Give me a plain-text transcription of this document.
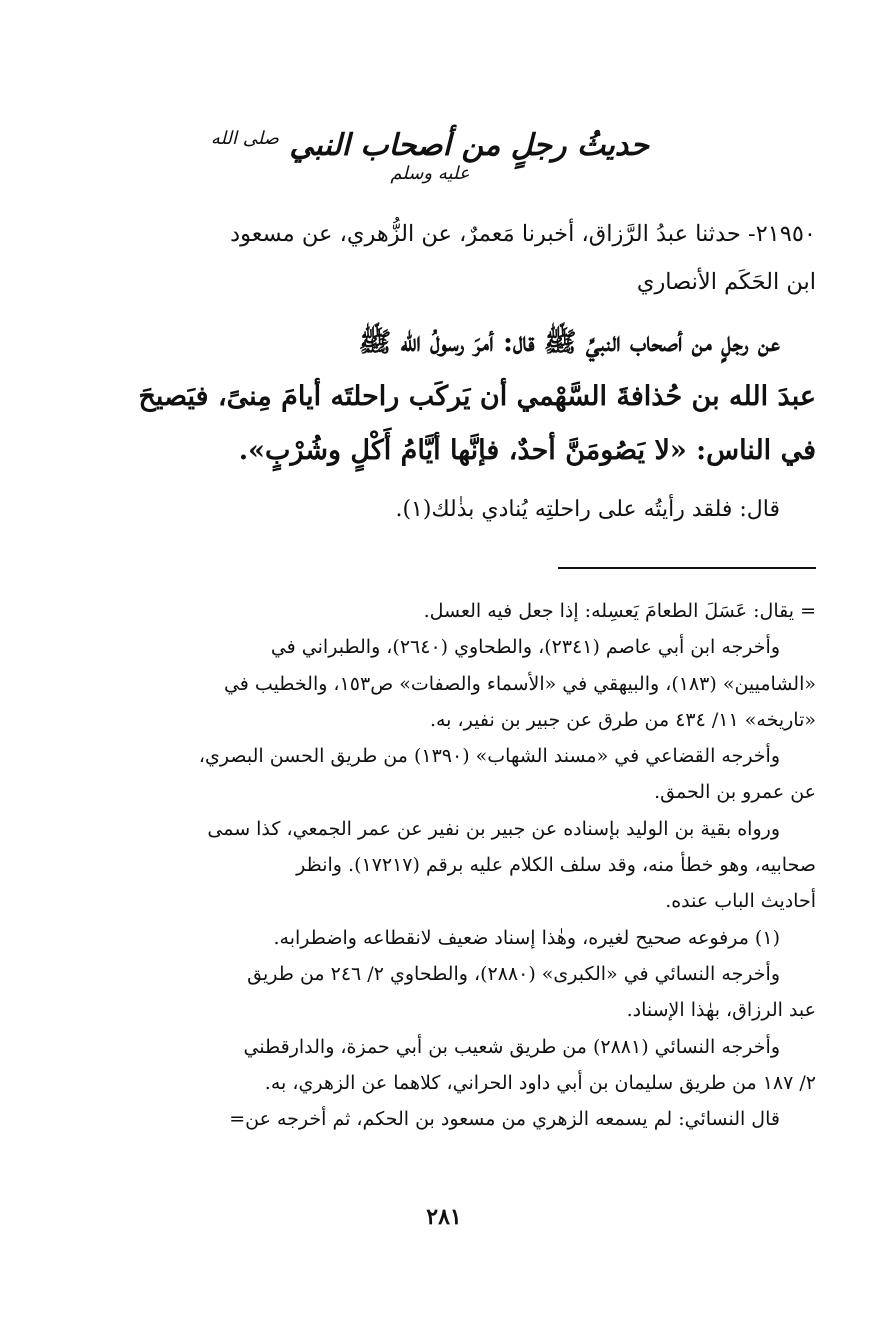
حديثُ رجلٍ من أصحاب النبي $^{صلى الله عليه وسلم}$
٢١٩٥٠- حدثنا عبدُ الرَّزاق، أخبرنا مَعمرٌ، عن الزُّهري، عن مسعود
ابن الحَكَم الأنصاري
عن رجلٍ من أصحاب النبيِّ ﷺ قال: أمرَ رسولُ الله ﷺ
عبدَ الله بن حُذافةَ السَّهْمي أن يَركَب راحلتَه أيامَ مِنىً، فيَصيحَ
في الناس: «لا يَصُومَنَّ أحدٌ، فإنَّها أيَّامُ أَكْلٍ وشُرْبٍ».
قال: فلقد رأيتُه على راحلتِه يُنادي بذٰلك(١).
= يقال: عَسَلَ الطعامَ يَعسِله: إذا جعل فيه العسل.
وأخرجه ابن أبي عاصم (٢٣٤١)، والطحاوي (٢٦٤٠)، والطبراني في
«الشاميين» (١٨٣)، والبيهقي في «الأسماء والصفات» ص١٥٣، والخطيب في
«تاريخه» ١١/ ٤٣٤ من طرق عن جبير بن نفير، به.
وأخرجه القضاعي في «مسند الشهاب» (١٣٩٠) من طريق الحسن البصري،
عن عمرو بن الحمق.
ورواه بقية بن الوليد بإسناده عن جبير بن نفير عن عمر الجمعي، كذا سمى
صحابيه، وهو خطأ منه، وقد سلف الكلام عليه برقم (١٧٢١٧). وانظر
أحاديث الباب عنده.
(١) مرفوعه صحيح لغيره، وهٰذا إسناد ضعيف لانقطاعه واضطرابه.
وأخرجه النسائي في «الكبرى» (٢٨٨٠)، والطحاوي ٢/ ٢٤٦ من طريق
عبد الرزاق، بهٰذا الإسناد.
وأخرجه النسائي (٢٨٨١) من طريق شعيب بن أبي حمزة، والدارقطني
٢/ ١٨٧ من طريق سليمان بن أبي داود الحراني، كلاهما عن الزهري، به.
قال النسائي: لم يسمعه الزهري من مسعود بن الحكم، ثم أخرجه عن=
٢٨١
